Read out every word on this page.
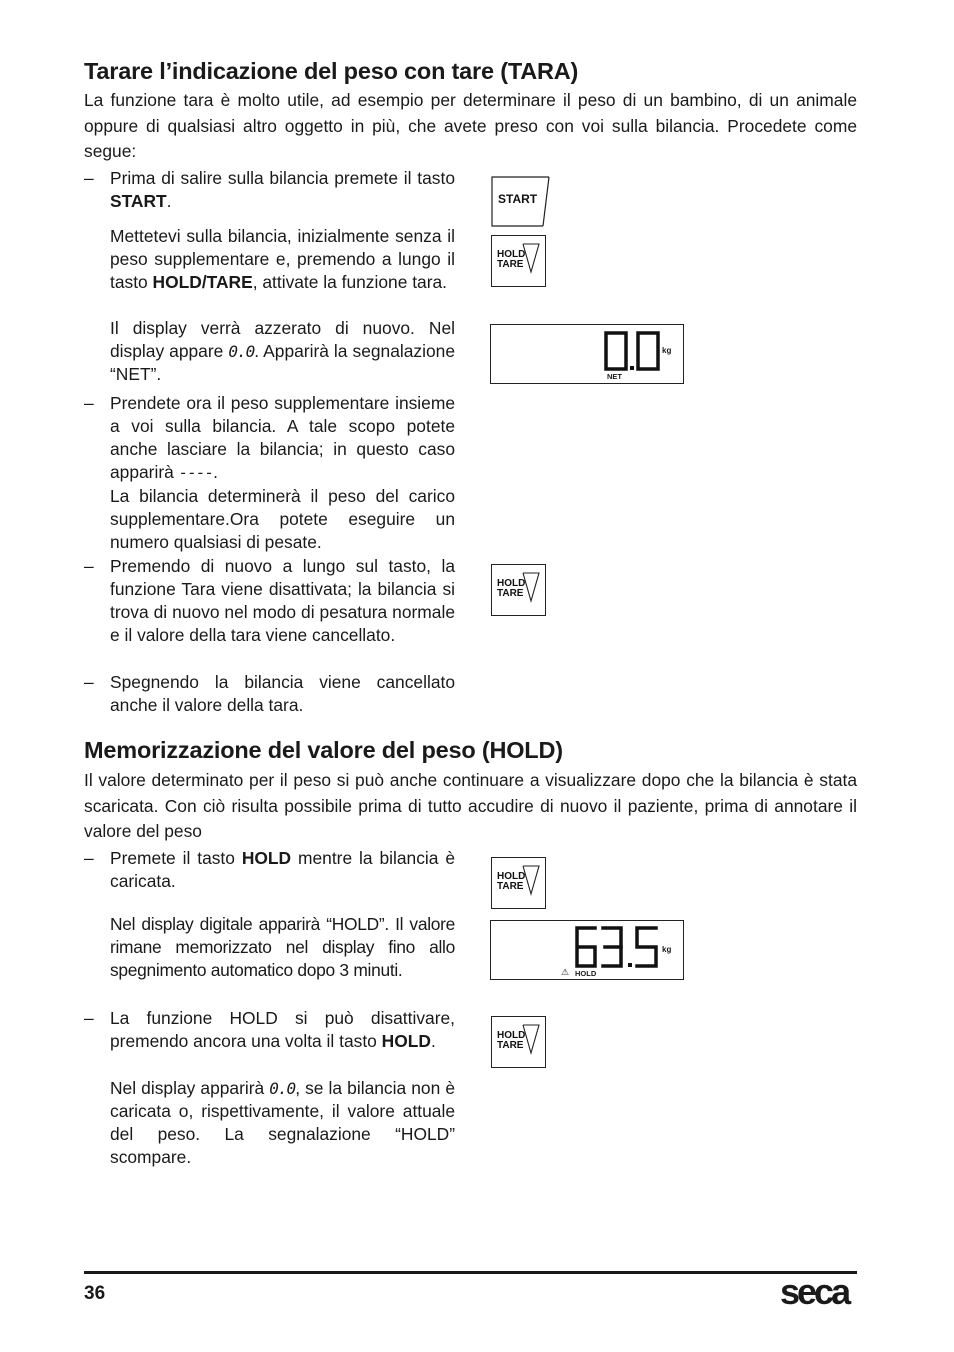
Tarare l’indicazione del peso con tare (TARA)

La funzione tara è molto utile, ad esempio per determinare il peso di un bambino, di un animale oppure di qualsiasi altro oggetto in più, che avete preso con voi sulla bilancia. Procedete come segue:

– Prima di salire sulla bilancia premete il tasto START.

Mettetevi sulla bilancia, inizialmente senza il peso supplementare e, premendo a lungo il tasto HOLD/TARE, attivate la funzione tara.

Il display verrà azzerato di nuovo. Nel display appare 0.0. Apparirà la segnalazione “NET”.

– Prendete ora il peso supplementare insieme a voi sulla bilancia. A tale scopo potete anche lasciare la bilancia; in questo caso apparirà ----.

La bilancia determinerà il peso del carico supplementare.Ora potete eseguire un numero qualsiasi di pesate.

– Premendo di nuovo a lungo sul tasto, la funzione Tara viene disattivata; la bilancia si trova di nuovo nel modo di pesatura normale e il valore della tara viene cancellato.

– Spegnendo la bilancia viene cancellato anche il valore della tara.

START
HOLD
TARE
kg
NET
HOLD
TARE
Memorizzazione del valore del peso (HOLD)

Il valore determinato per il peso si può anche continuare a visualizzare dopo che la bilancia è stata scaricata. Con ciò risulta possibile prima di tutto accudire di nuovo il paziente, prima di annotare il valore del peso

– Premete il tasto HOLD mentre la bilancia è caricata.

Nel display digitale apparirà “HOLD”. Il valore rimane memorizzato nel display fino allo spegnimento automatico dopo 3 minuti.

– La funzione HOLD si può disattivare, premendo ancora una volta il tasto HOLD.

Nel display apparirà 0.0, se la bilancia non è caricata o, rispettivamente, il valore attuale del peso. La segnalazione “HOLD” scompare.

HOLD
TARE
kg
⚠ HOLD
HOLD
TARE
36	seca
